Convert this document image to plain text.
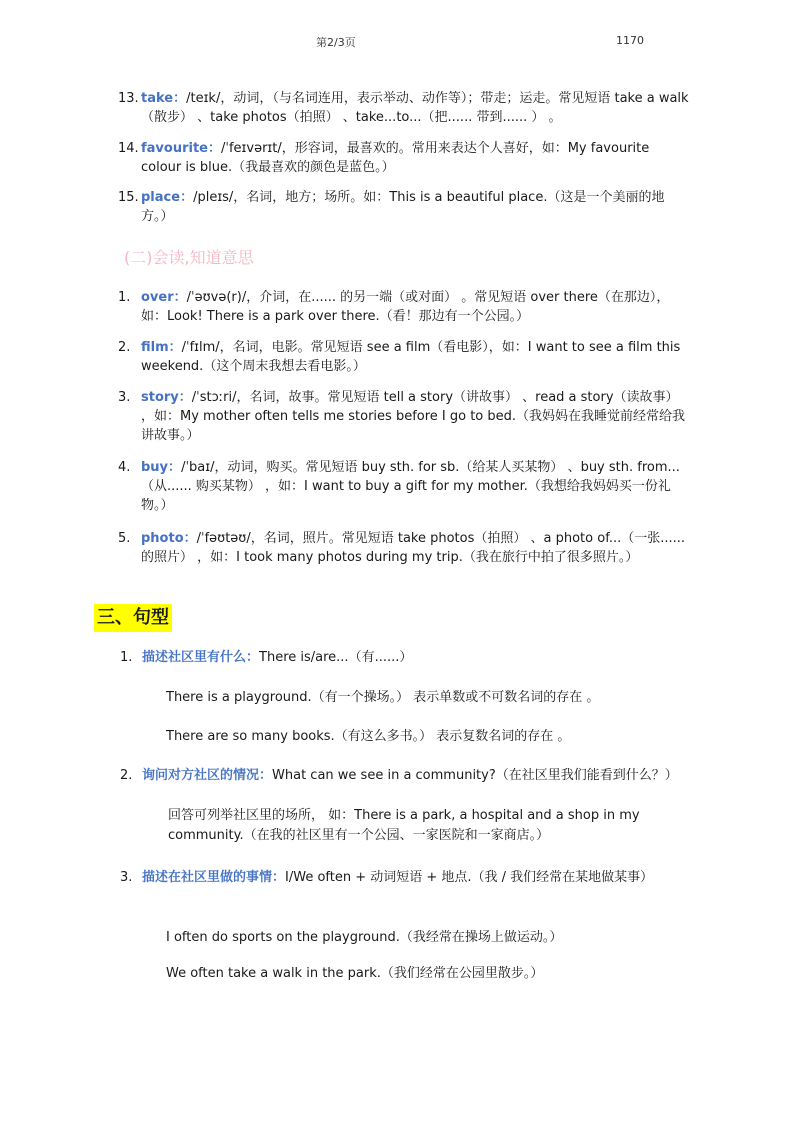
第2/3页	1170
13. take：/teɪk/，动词，（与名词连用，表示举动、动作等）；带走；运走。常见短语 take a walk（散步） 、take photos（拍照） 、take...to...（把...... 带到...... ） 。
14. favourite：/ˈfeɪvərɪt/，形容词，最喜欢的。常用来表达个人喜好，如：My favourite colour is blue.（我最喜欢的颜色是蓝色。）
15. place：/pleɪs/，名词，地方；场所。如：This is a beautiful place.（这是一个美丽的地方。）
(二)会读,知道意思
1. over：/ˈəʊvə(r)/，介词，在...... 的另一端（或对面） 。常见短语 over there（在那边），如：Look! There is a park over there.（看！那边有一个公园。）
2. film：/ˈfɪlm/，名词，电影。常见短语 see a film（看电影），如：I want to see a film this weekend.（这个周末我想去看电影。）
3. story：/ˈstɔːri/，名词，故事。常见短语 tell a story（讲故事） 、read a story（读故事） ，如：My mother often tells me stories before I go to bed.（我妈妈在我睡觉前经常给我讲故事。）
4. buy：/ˈbaɪ/，动词，购买。常见短语 buy sth. for sb.（给某人买某物） 、buy sth. from...（从...... 购买某物） ，如：I want to buy a gift for my mother.（我想给我妈妈买一份礼物。）
5. photo：/ˈfəʊtəʊ/，名词，照片。常见短语 take photos（拍照） 、a photo of...（一张...... 的照片） ，如：I took many photos during my trip.（我在旅行中拍了很多照片。）
三、句型
1. 描述社区里有什么：There is/are...（有......）
There is a playground.（有一个操场。） 表示单数或不可数名词的存在 。
There are so many books.（有这么多书。） 表示复数名词的存在 。
2. 询问对方社区的情况：What can we see in a community?（在社区里我们能看到什么？）
回答可列举社区里的场所， 如：There is a park, a hospital and a shop in my community.（在我的社区里有一个公园、一家医院和一家商店。）
3. 描述在社区里做的事情：I/We often + 动词短语 + 地点.（我 / 我们经常在某地做某事）
I often do sports on the playground.（我经常在操场上做运动。）
We often take a walk in the park.（我们经常在公园里散步。）
